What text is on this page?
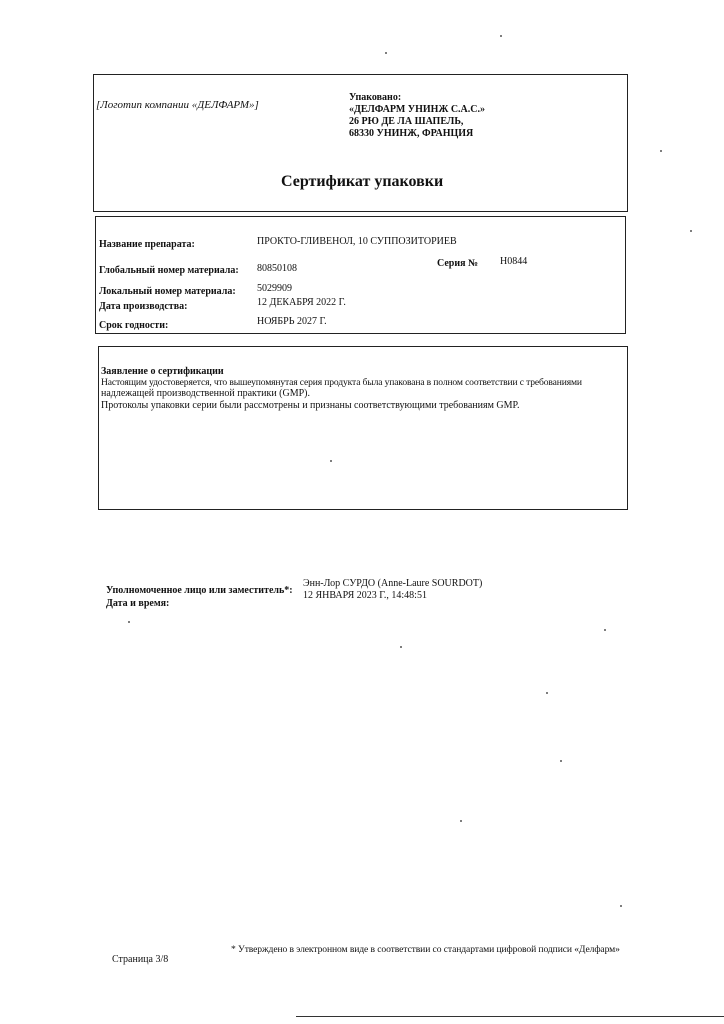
[Логотип компании «ДЕЛФАРМ»]
Упаковано:
«ДЕЛФАРМ УНИНЖ С.А.С.»
26 РЮ ДЕ ЛА ШАПЕЛЬ,
68330 УНИНЖ, ФРАНЦИЯ
Сертификат упаковки
Название препарата:	ПРОКТО-ГЛИВЕНОЛ, 10 СУППОЗИТОРИЕВ
Глобальный номер материала: 80850108	Серия № H0844
Локальный номер материала: 5029909
Дата производства:	12 ДЕКАБРЯ 2022 Г.
Срок годности:	НОЯБРЬ 2027 Г.
Заявление о сертификации
Настоящим удостоверяется, что вышеупомянутая серия продукта была упакована в полном соответствии с требованиями
надлежащей производственной практики (GMP).
Протоколы упаковки серии были рассмотрены и признаны соответствующими требованиям GMP.
Уполномоченное лицо или заместитель*:
Энн-Лор СУРДО (Anne-Laure SOURDOT)
Дата и время:
12 ЯНВАРЯ 2023 Г., 14:48:51
Страница 3/8
* Утверждено в электронном виде в соответствии со стандартами цифровой подписи «Делфарм»
